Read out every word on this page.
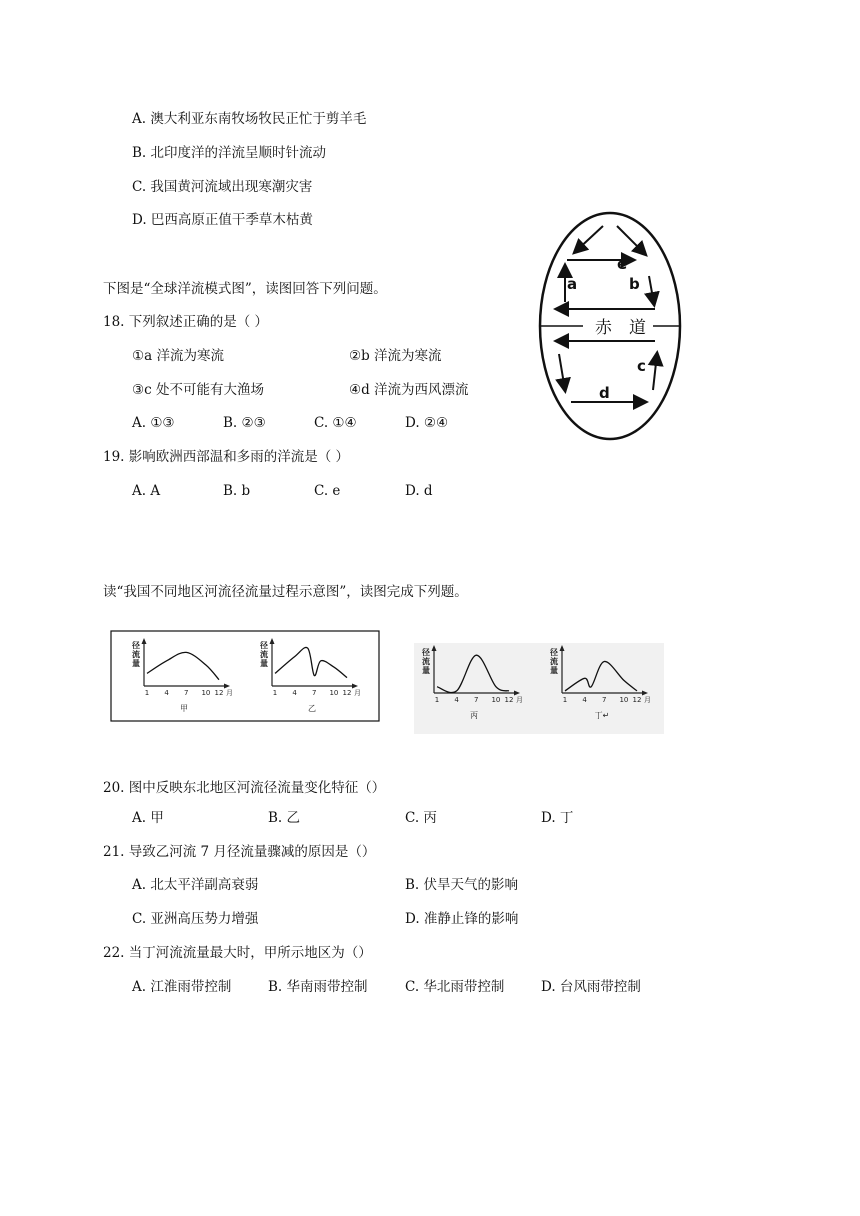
A. 澳大利亚东南牧场牧民正忙于剪羊毛
B. 北印度洋的洋流呈顺时针流动
C. 我国黄河流域出现寒潮灾害
D. 巴西高原正值干季草木枯黄
下图是“全球洋流模式图”，读图回答下列问题。
18. 下列叙述正确的是（ ）
①a 洋流为寒流	②b 洋流为寒流
③c 处不可能有大渔场	④d 洋流为西风漂流
A. ①③	B. ②③	C. ①④	D. ②④
19. 影响欧洲西部温和多雨的洋流是（ ）
A. A	B. b	C. e	D. d
赤 道
a	b
c
d
e
读“我国不同地区河流径流量过程示意图”，读图完成下列题。
径
流
量
1 4 7 10 12 月
甲
径
流
量
1 4 7 10 12 月
乙
径
流
量
1 4 7 10 12 月
丙
径
流
量
1 4 7 10 12 月
丁↵
20. 图中反映东北地区河流径流量变化特征（）
A. 甲	B. 乙	C. 丙	D. 丁
21. 导致乙河流 7 月径流量骤减的原因是（）
A. 北太平洋副高衰弱	B. 伏旱天气的影响
C. 亚洲高压势力增强	D. 准静止锋的影响
22. 当丁河流流量最大时，甲所示地区为（）
A. 江淮雨带控制	B. 华南雨带控制	C. 华北雨带控制	D. 台风雨带控制
